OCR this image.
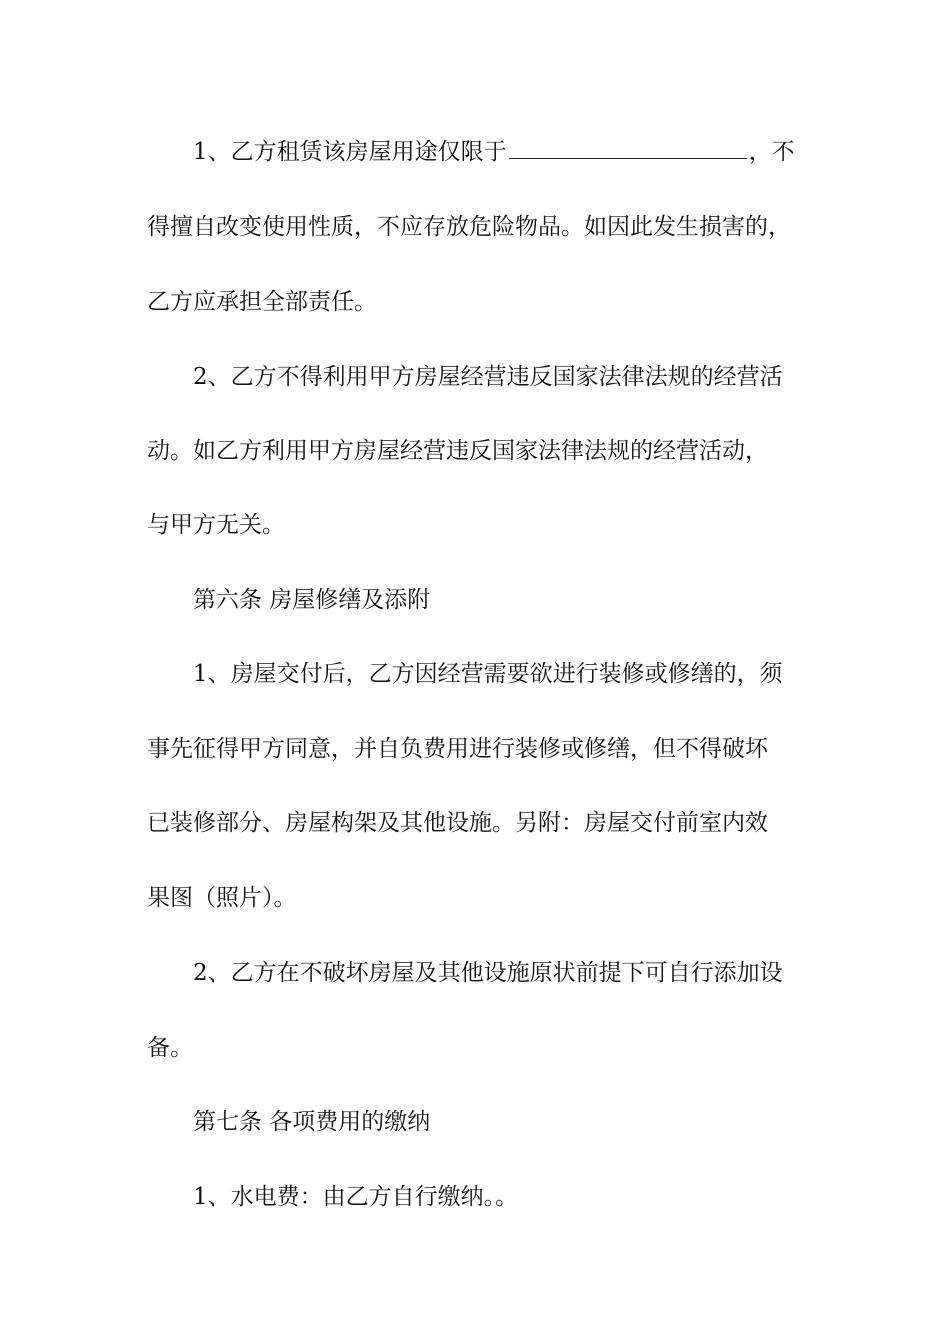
1、乙方租赁该房屋用途仅限于	，不
得擅自改变使用性质，不应存放危险物品。如因此发生损害的，
乙方应承担全部责任。
2、乙方不得利用甲方房屋经营违反国家法律法规的经营活
动。如乙方利用甲方房屋经营违反国家法律法规的经营活动，
与甲方无关。
第六条 房屋修缮及添附
1、房屋交付后，乙方因经营需要欲进行装修或修缮的，须
事先征得甲方同意，并自负费用进行装修或修缮，但不得破坏
已装修部分、房屋构架及其他设施。另附：房屋交付前室内效
果图（照片）。
2、乙方在不破坏房屋及其他设施原状前提下可自行添加设
备。
第七条 各项费用的缴纳
1、水电费：由乙方自行缴纳。。
